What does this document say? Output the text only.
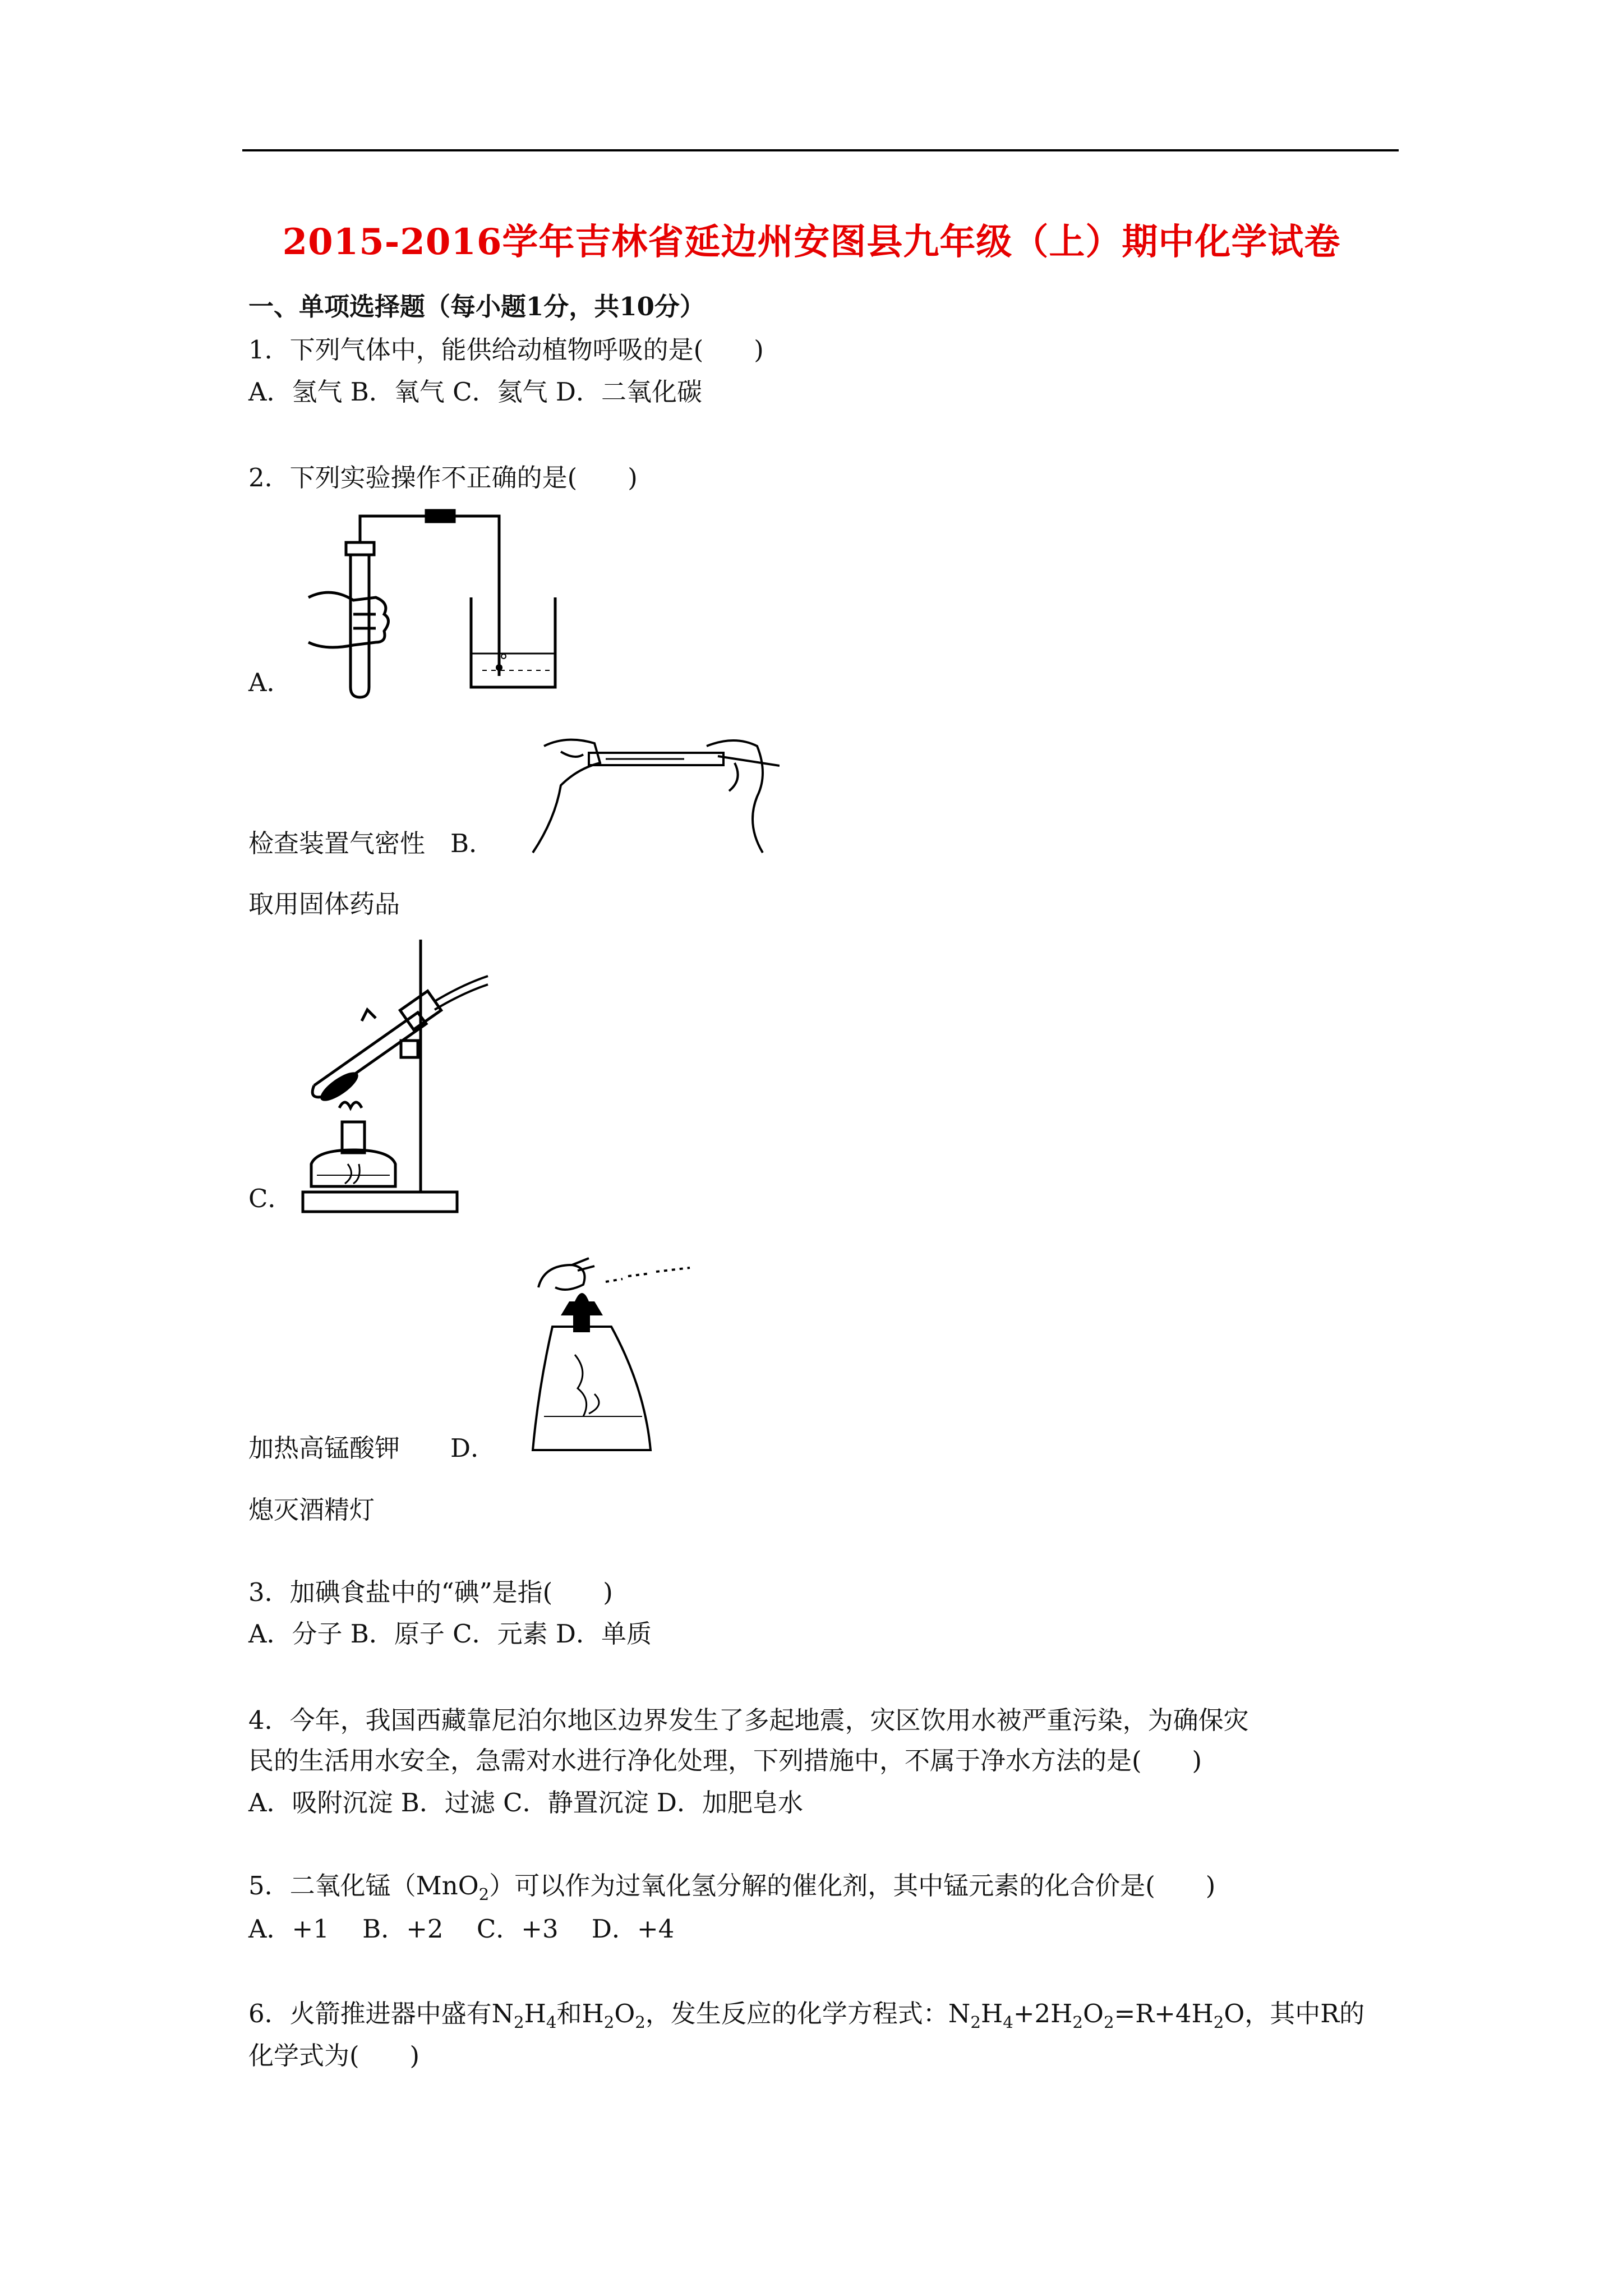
2015-2016学年吉林省延边州安图县九年级（上）期中化学试卷
一、单项选择题（每小题1分，共10分）
1．下列气体中，能供给动植物呼吸的是(　　)
A．氢气 B．氧气 C．氦气 D．二氧化碳
2．下列实验操作不正确的是(　　)
A．
检查装置气密性　B．
取用固体药品
C．
加热高锰酸钾　　D．
熄灭酒精灯
3．加碘食盐中的“碘”是指(　　)
A．分子 B．原子 C．元素 D．单质
4．今年，我国西藏靠尼泊尔地区边界发生了多起地震，灾区饮用水被严重污染，为确保灾
民的生活用水安全，急需对水进行净化处理，下列措施中，不属于净水方法的是(　　)
A．吸附沉淀 B．过滤 C．静置沉淀 D．加肥皂水
5．二氧化锰（MnO$_2$）可以作为过氧化氢分解的催化剂，其中锰元素的化合价是(　　)
A．+1　 B．+2　 C．+3　 D．+4
6．火箭推进器中盛有$N_2H_4$和$H_2O_2$，发生反应的化学方程式：$N_2H_4+2H_2O_2=R+4H_2O$，其中R的
化学式为(　　)
